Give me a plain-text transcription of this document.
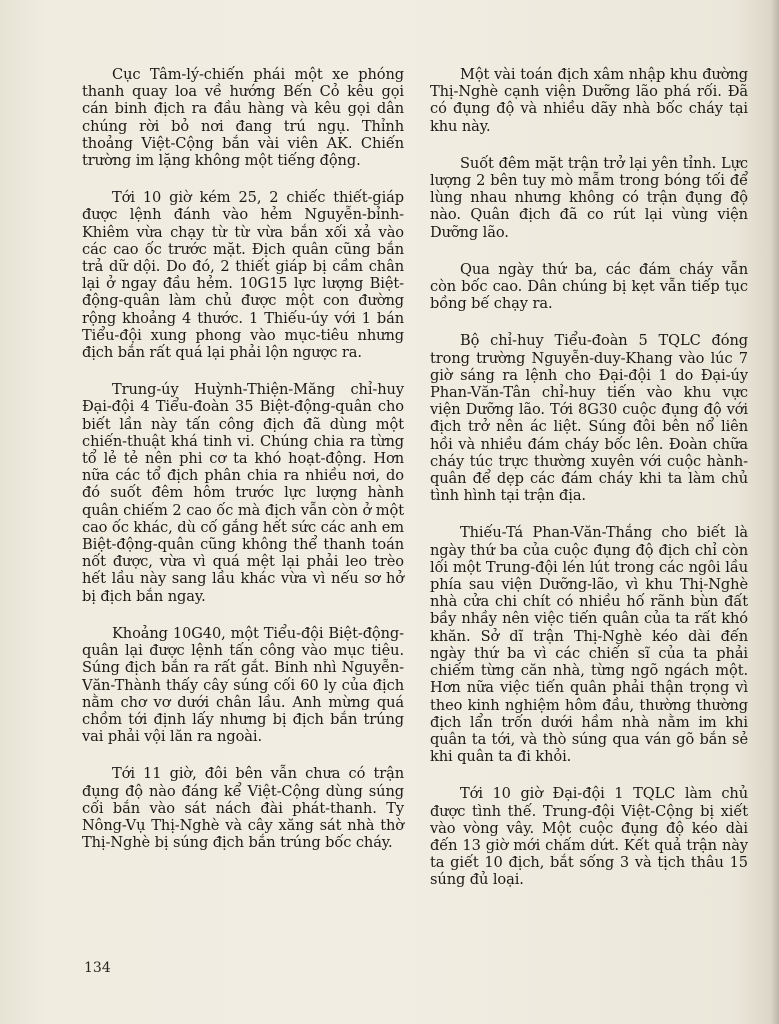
Cục Tâm-lý-chiến phái một xe phóng thanh quay loa về hướng Bến Cỏ kêu gọi cán binh địch ra đầu hàng và kêu gọi dân chúng rời bỏ nơi đang trú ngụ. Thỉnh thoảng Việt-Cộng bắn vài viên AK. Chiến trường im lặng không một tiếng động.

Tới 10 giờ kém 25, 2 chiếc thiết-giáp được lệnh đánh vào hẻm Nguyễn-bỉnh-Khiêm vừa chạy từ từ vừa bắn xối xả vào các cao ốc trước mặt. Địch quân cũng bắn trả dữ dội. Do đó, 2 thiết giáp bị cầm chân lại ở ngay đầu hẻm. 10G15 lực lượng Biệt-động-quân làm chủ được một con đường rộng khoảng 4 thước. 1 Thiếu-úy với 1 bán Tiểu-đội xung phong vào mục-tiêu nhưng địch bắn rất quá lại phải lộn ngược ra.

Trung-úy Huỳnh-Thiện-Măng chỉ-huy Đại-đội 4 Tiểu-đoàn 35 Biệt-động-quân cho biết lần này tấn công địch đã dùng một chiến-thuật khá tinh vi. Chúng chia ra từng tổ lẻ tẻ nên phi cơ ta khó hoạt-động. Hơn nữa các tổ địch phân chia ra nhiều nơi, do đó suốt đêm hôm trước lực lượng hành quân chiếm 2 cao ốc mà địch vẫn còn ở một cao ốc khác, dù cố gắng hết sức các anh em Biệt-động-quân cũng không thể thanh toán nốt được, vừa vì quá mệt lại phải leo trèo hết lầu này sang lầu khác vừa vì nếu sơ hở bị địch bắn ngay.

Khoảng 10G40, một Tiểu-đội Biệt-động-quân lại được lệnh tấn công vào mục tiêu. Súng địch bắn ra rất gắt. Binh nhì Nguyễn-Văn-Thành thấy cây súng cối 60 ly của địch nằm chơ vơ dưới chân lầu. Anh mừng quá chồm tới định lấy nhưng bị địch bắn trúng vai phải vội lăn ra ngoài.

Tới 11 giờ, đôi bên vẫn chưa có trận đụng độ nào đáng kể Việt-Cộng dùng súng cối bắn vào sát nách đài phát-thanh. Ty Nông-Vụ Thị-Nghè và cây xăng sát nhà thờ Thị-Nghè bị súng địch bắn trúng bốc cháy.

Một vài toán địch xâm nhập khu đường Thị-Nghè cạnh viện Dưỡng lão phá rối. Đã có đụng độ và nhiều dãy nhà bốc cháy tại khu này.

Suốt đêm mặt trận trở lại yên tỉnh. Lực lượng 2 bên tuy mò mẫm trong bóng tối để lùng nhau nhưng không có trận đụng độ nào. Quân địch đã co rút lại vùng viện Dưỡng lão.

Qua ngày thứ ba, các đám cháy vẫn còn bốc cao. Dân chúng bị kẹt vẫn tiếp tục bồng bế chạy ra.

Bộ chỉ-huy Tiểu-đoàn 5 TQLC đóng trong trường Nguyễn-duy-Khang vào lúc 7 giờ sáng ra lệnh cho Đại-đội 1 do Đại-úy Phan-Văn-Tân chỉ-huy tiến vào khu vực viện Dưỡng lão. Tới 8G30 cuộc đụng độ với địch trở nên ác liệt. Súng đôi bên nổ liên hồi và nhiều đám cháy bốc lên. Đoàn chữa cháy túc trực thường xuyên với cuộc hành-quân để dẹp các đám cháy khi ta làm chủ tình hình tại trận địa.

Thiếu-Tá Phan-Văn-Thắng cho biết là ngày thứ ba của cuộc đụng độ địch chỉ còn lối một Trung-đội lén lút trong các ngôi lầu phía sau viện Dưỡng-lão, vì khu Thị-Nghè nhà cửa chi chít có nhiều hố rãnh bùn đất bầy nhầy nên việc tiến quân của ta rất khó khăn. Sở dĩ trận Thị-Nghè kéo dài đến ngày thứ ba vì các chiến sĩ của ta phải chiếm từng căn nhà, từng ngõ ngách một. Hơn nữa việc tiến quân phải thận trọng vì theo kinh nghiệm hôm đầu, thường thường địch lẩn trốn dưới hầm nhà nằm im khi quân ta tới, và thò súng qua ván gõ bắn sẻ khi quân ta đi khỏi.

Tới 10 giờ Đại-đội 1 TQLC làm chủ được tình thế. Trung-đội Việt-Cộng bị xiết vào vòng vây. Một cuộc đụng độ kéo dài đến 13 giờ mới chấm dứt. Kết quả trận này ta giết 10 địch, bắt sống 3 và tịch thâu 15 súng đủ loại.

134
